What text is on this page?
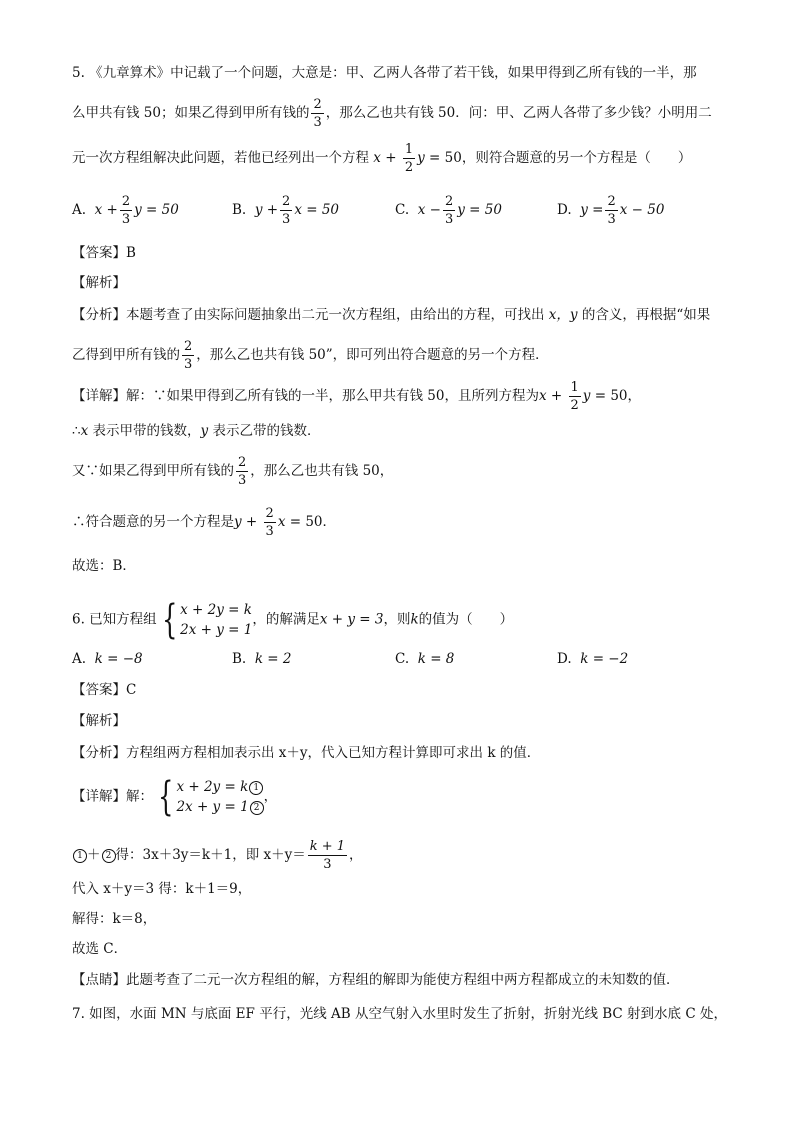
5. 《九章算术》中记载了一个问题，大意是：甲、乙两人各带了若干钱，如果甲得到乙所有钱的一半，那
么甲共有钱 50；如果乙得到甲所有钱的 $\frac{2}{3}$ ，那么乙也共有钱 50．问：甲、乙两人各带了多少钱？小明用二
元一次方程组解决此问题，若他已经列出一个方程 $x + \frac{1}{2}$ y = 50，则符合题意的另一个方程是（　　）
A. $x + \frac{2}{3}$ y = 50	B. $y + \frac{2}{3}$ x = 50	C. $x - \frac{2}{3}$ y = 50	D. $y = \frac{2}{3}$ x − 50
【答案】B
【解析】
【分析】本题考查了由实际问题抽象出二元一次方程组，由给出的方程，可找出 x，y 的含义，再根据“如果
乙得到甲所有钱的 $\frac{2}{3}$ ，那么乙也共有钱 50”，即可列出符合题意的另一个方程．
【详解】解：∵如果甲得到乙所有钱的一半，那么甲共有钱 50，且所列方程为$x + \frac{1}{2}$ y = 50，
∴x 表示甲带的钱数，y 表示乙带的钱数．
又∵如果乙得到甲所有钱的 $\frac{2}{3}$ ，那么乙也共有钱 50，
∴符合题意的另一个方程是$y + \frac{2}{3}$ x = 50．
故选：B．
6. 已知方程组 { x + 2y = k
2x + y = 1
，的解满足x + y = 3，则k的值为（　　）
A. k = −8	B. k = 2	C. k = 8	D. k = −2
【答案】C
【解析】
【分析】方程组两方程相加表示出 x＋y，代入已知方程计算即可求出 k 的值．
【详解】解： { x + 2y = k 1
2x + y = 1 2
，
1 ＋ 2 得：3x＋3y＝k＋1，即 $x+y= \frac{k + 1}{3}$ ，
代入 x＋y＝3 得：k＋1＝9，
解得：k＝8，
故选 C．
【点睛】此题考查了二元一次方程组的解，方程组的解即为能使方程组中两方程都成立的未知数的值．
7. 如图，水面 MN 与底面 EF 平行，光线 AB 从空气射入水里时发生了折射，折射光线 BC 射到水底 C 处，
